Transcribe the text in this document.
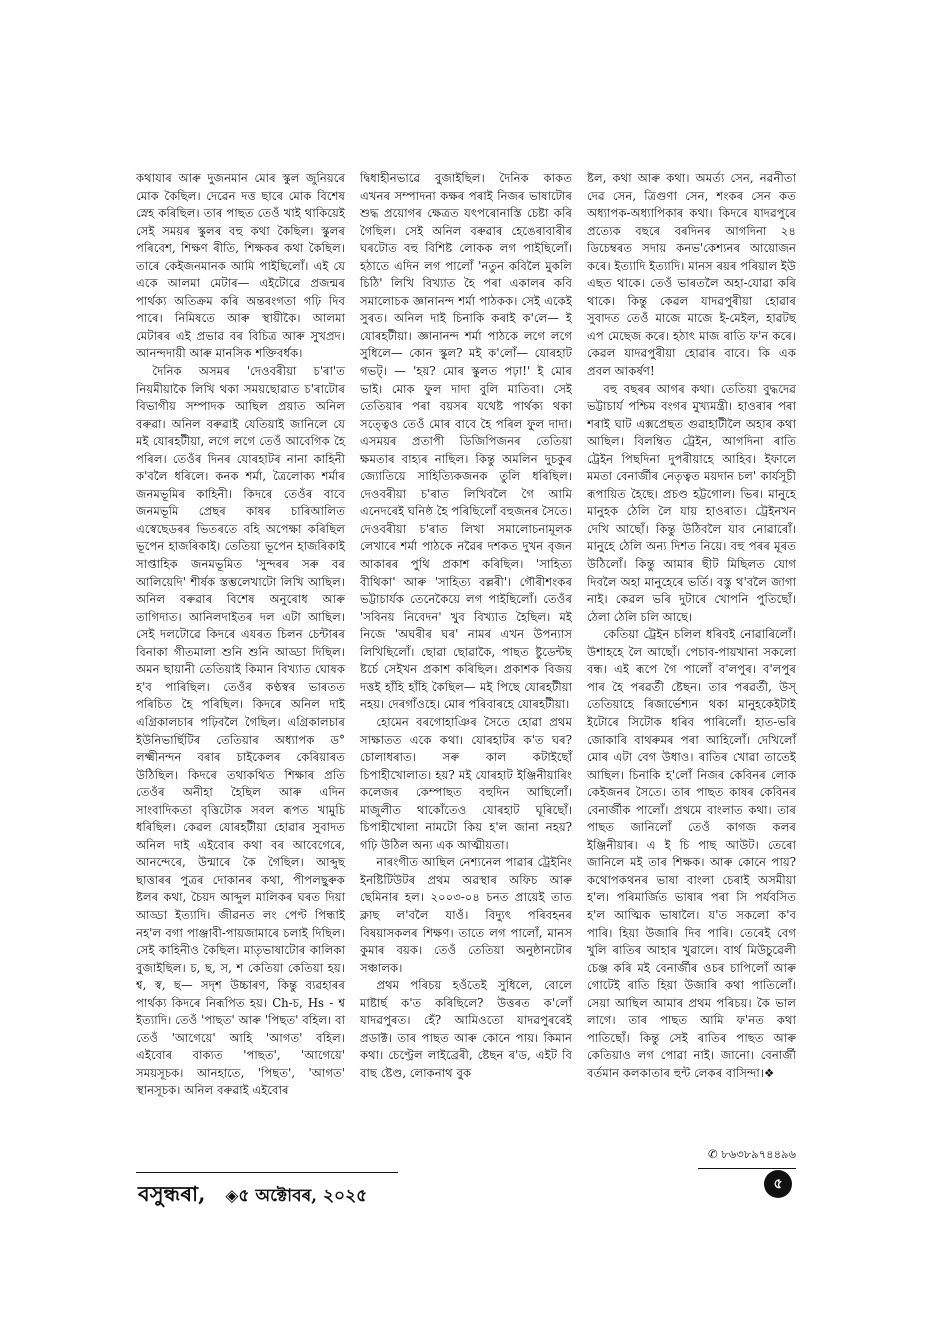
কথাযাৰ আৰু দুজনমান মোৰ স্কুল জুনিয়ৰে মোক কৈছিল। দেৱেন দত্ত ছাৰে মোক বিশেষ স্নেহ কৰিছিল। তাৰ পাছত তেওঁ খাই থাকিয়েই সেই সময়ৰ স্কুলৰ বহু কথা কৈছিল। স্কুলৰ পৰিবেশ, শিক্ষণ ৰীতি, শিক্ষকৰ কথা কৈছিল। তাৰে কেইজনমানক আমি পাইছিলোঁ। এই যে একে আলমা মেটাৰ— এইটোৱে প্ৰজন্মৰ পাৰ্থক্য অতিক্ৰম কৰি অন্তৰংগতা গঢ়ি দিব পাৰে। নিমিষতে আৰু স্থায়ীকৈ। আলমা মেটাৰৰ এই প্ৰভাৱ বৰ বিচিত্ৰ আৰু সুখপ্ৰদ। আনন্দদায়ী আৰু মানসিক শক্তিবৰ্ধক।

দৈনিক অসমৰ 'দেওবৰীয়া চ'ৰা'ত নিয়মীয়াকৈ লিখি থকা সময়ছোৱাত চ'ৰাটোৰ বিভাগীয় সম্পাদক আছিল প্ৰয়াত অনিল বৰুৱা। অনিল বৰুৱাই যেতিয়াই জানিলে যে মই যোৰহটীয়া, লগে লগে তেওঁ আবেগিক হৈ পৰিল। তেওঁৰ দিনৰ যোৰহাটৰ নানা কাহিনী ক'বলৈ ধৰিলে। কনক শৰ্মা, ত্ৰৈলোক্য শৰ্মাৰ জনমভূমিৰ কাহিনী। কিদৰে তেওঁৰ বাবে জনমভূমি প্ৰেছৰ কাষৰ চাৰিআলিত এস্বেছেডৰৰ ভিতৰতে বহি অপেক্ষা কৰিছিল ভূপেন হাজৰিকাই। তেতিয়া ভূপেন হাজৰিকাই সাপ্তাহিক জনমভূমিত 'সুন্দৰৰ সৰু বৰ আলিয়েদি' শীৰ্ষক স্তম্ভলেখাটো লিখি আছিল। অনিল বৰুৱাৰ বিশেষ অনুৰোধ আৰু তাগিদাত। আনিলদাইতৰ দল এটা আছিল। সেই দলটোৱে কিদৰে এযৰত চিলন চেন্টাৰৰ বিনাকা গীতমালা শুনি শুনি আড্ডা দিছিল। অমন ছায়ানী তেতিয়াই কিমান বিখ্যাত ঘোষক হ'ব পাৰিছিল। তেওঁৰ কণ্ঠস্বৰ ভাৰতত পৰিচিত হৈ পৰিছিল। কিদৰে অনিল দাই এগ্ৰিকালচাৰ পঢ়িবলৈ গৈছিল। এগ্ৰিকালচাৰ ইউনিভাৰ্ছিটিৰ তেতিয়াৰ অধ্যাপক ড° লক্ষ্মীনন্দন বৰাৰ চাইকেলৰ কেৰিয়াৰত উঠিছিল। কিদৰে তথাকথিত শিক্ষাৰ প্ৰতি তেওঁৰ অনীহা হৈছিল আৰু এদিন সাংবাদিকতা বৃত্তিটোক সবল ৰূপত খামুচি ধৰিছিল। কেৱল যোৰহটীয়া হোৱাৰ সুবাদত অনিল দাই এইবোৰ কথা বৰ আবেগেৰে, আনন্দেৰে, উন্মাৰে কৈ গৈছিল। আব্দুছ ছাত্তাৰৰ পুত্ৰৰ দোকানৰ কথা, পীপলছুৰুক ষ্টলৰ কথা, চৈয়দ আব্দুল মালিকৰ ঘৰত দিয়া আড্ডা ইত্যাদি। জীৱনত লং পেণ্ট পিন্ধাই নহ'ল বগা পাঞ্জাবী-পায়জামাৰে চলাই দিছিল। সেই কাহিনীও কৈছিল। মাতৃভাষাটোৰ কালিকা বুজাইছিল। চ, ছ, স, শ কেতিয়া কেতিয়া হয়। শ্ব, স্ব, ছ— সদৃশ উচ্চাৰণ, কিন্তু ব্যৱহাৰৰ পাৰ্থক্য কিদৰে নিৰূপিত হয়। Ch-চ, Hs - শ্ব ইত্যাদি। তেওঁ 'পাছত' আৰু 'পিছত' বহিল। বা তেওঁ 'আগেয়ে' আহি 'আগত' বহিল। এইবোৰ বাক্যত 'পাছত', 'আগেয়ে' সময়সূচক। আনহাতে, 'পিছত', 'আগত' স্থানসূচক। অনিল বৰুৱাই এইবোৰ

দ্বিধাহীনভাৱে বুজাইছিল। দৈনিক কাকত এখনৰ সম্পাদনা কক্ষৰ পৰাই নিজৰ ভাষাটোৰ শুদ্ধ প্ৰয়োগৰ ক্ষেত্ৰত যৎপৰোনাস্তি চেষ্টা কৰি গৈছিল। সেই অনিল বৰুৱাৰ হেঙেৰাবাৰীৰ ঘৰটোত বহু বিশিষ্ট লোকক লগ পাইছিলোঁ। হঠাতে এদিন লগ পালোঁ 'নতুন কবিলৈ মুকলি চিঠি' লিখি বিখ্যাত হৈ পৰা একালৰ কবি সমালোচক জ্ঞানানন্দ শৰ্মা পাঠকক। সেই একেই সুৰত। অনিল দাই চিনাকি কৰাই ক'লে— ই যোৰহটীয়া। জ্ঞানানন্দ শৰ্মা পাঠকে লগে লগে সুধিলে— কোন স্কুল? মই ক'লোঁ— যোৰহাট গভট্। — 'হয়? মোৰ স্কুলত পঢ়া!' ই মোৰ ভাই। মোক ফুল দাদা বুলি মাতিবা। সেই তেতিয়াৰ পৰা বয়সৰ যথেষ্ট পাৰ্থক্য থকা সত্ত্বেও তেওঁ মোৰ বাবে হৈ পৰিল ফুল দাদা। এসময়ৰ প্ৰতাপী ডিজিপিজনৰ তেতিয়া ক্ষমতাৰ বাহ্যৰ নাছিল। কিন্তু অমলিন দুচকুৰ জ্যোতিয়ে সাহিত্যিকজনক তুলি ধৰিছিল। দেওবৰীয়া চ'ৰাত লিখিবলৈ গৈ আমি এনেদৰেই ঘনিষ্ঠ হৈ পৰিছিলোঁ বহুজনৰ সৈতে। দেওবৰীয়া চ'ৰাত লিখা সমালোচনামূলক লেখাৰে শৰ্মা পাঠকে নৱৈৰ দশকত দুখন বৃজন আকাৰৰ পুথি প্ৰকাশ কৰিছিল। 'সাহিত্য বীথিকা' আৰু 'সাহিত্য বল্লৰী'। গৌৰীশংকৰ ভট্টাচাৰ্যক তেনেকৈয়ে লগ পাইছিলোঁ। তেওঁৰ 'সবিনয় নিবেদন' খুব বিখ্যাত হৈছিল। মই নিজে 'অঘৰীৰ ঘৰ' নামৰ এখন উপন্যাস লিখিছিলোঁ। ছোৱা ছোৱাকৈ, পাছত ষ্টুডেন্টছ ষ্টৰ্চে সেইখন প্ৰকাশ কৰিছিল। প্ৰকাশক বিজয় দত্তই হাঁহি হাঁহি কৈছিল— মই পিছে যোৰহটীয়া নহয়। দেৰগাঁওহে। মোৰ পৰিবাৰহে যোৰহটীয়া।

হোমেন বৰগোহাঞিৰ সৈতে হোৱা প্ৰথম সাক্ষাতত একে কথা। যোৰহাটৰ ক'ত ঘৰ? চোলাধৰাত। সৰু কাল কটাইছোঁ চিপাহীখোলাত। হয়? মই যোৰহাট ইঞ্জিনীয়াৰিং কলেজৰ কেম্পাছত বহুদিন আছিলোঁ। মাজুলীত থাকোঁতেও যোৰহাট ঘূৰিছোঁ। চিপাহীখোলা নামটো কিয় হ'ল জানা নহয়? গঢ়ি উঠিল অন্য এক আত্মীয়তা।

নাৰংগীত আছিল নেশ্যনেল পাৱাৰ ট্ৰেইনিং ইনষ্টিটিউটৰ প্ৰথম অৱস্থাৰ অফিচ আৰু ছেমিনাৰ হল। ২০০৩-০৪ চনত প্ৰায়েই তাত ক্লাছ ল'বলৈ যাওঁ। বিদ্যুৎ পৰিবহনৰ বিষয়াসকলৰ শিক্ষণ। তাতে লগ পালোঁ, মানস কুমাৰ বয়ক। তেওঁ তেতিয়া অনুষ্ঠানটোৰ সঞ্চালক।

প্ৰথম পৰিচয় হওঁতেই সুধিলে, বোলে মাষ্টাৰ্ছ ক'ত কৰিছিলে? উত্তৰত ক'লোঁ যাদৱপুৰত। হেঁ? আমিওতো যাদৱপুৰৰেই প্ৰডাক্ট। তাৰ পাছত আৰু কোনে পায়। কিমান কথা। চেণ্ট্ৰেল লাইব্ৰেৰী, ষ্টেছন ৰ'ড, এইট বি বাছ ষ্টেণ্ড, লোকনাথ বুক

ষ্টল, কথা আৰু কথা। অমৰ্ত্য সেন, নৱনীতা দেৱ সেন, ত্ৰিগুণা সেন, শংকৰ সেন কত অধ্যাপক-অধ্যাপিকাৰ কথা। কিদৰে যাদৱপুৰে প্ৰত্যেক বছৰে বৰদিনৰ আগদিনা ২৪ ডিচেম্বৰত সদায় কনভ'কেশ্যনৰ আয়োজন কৰে। ইত্যাদি ইত্যাদি। মানস ৰয়ৰ পৰিয়াল ইউ এছত থাকে। তেওঁ ভাৰতলৈ অহা-যোৱা কৰি থাকে। কিন্তু কেৱল যাদৱপুৰীয়া হোৱাৰ সুবাদত তেওঁ মাজে মাজে ই-মেইল, হাৱটছ এপ মেছেজ কৰে। হঠাৎ মাজ ৰাতি ফ'ন কৰে। কেৱল যাদৱপুৰীয়া হোৱাৰ বাবে। কি এক প্ৰবল আকৰ্ষণ!

বহু বছৰৰ আগৰ কথা। তেতিয়া বুদ্ধদেৱ ভট্টাচাৰ্য পশ্চিম বংগৰ মুখ্যমন্ত্ৰী। হাওৰাৰ পৰা শৰাই ঘাট এক্সপ্ৰেছত গুৱাহাটীলৈ অহাৰ কথা আছিল। বিলম্বিত ট্ৰেইন, আগদিনা ৰাতি ট্ৰেইন পিছদিনা দুপৰীয়াহে আহিব। ইফালে মমতা বেনাৰ্জীৰ নেতৃত্বত ময়দান চল' কাৰ্যসূচী ৰূপায়িত হৈছে। প্ৰচণ্ড হট্টগোল। ভিৰ। মানুহে মানুহক ঠেলি লৈ যায় হাওৰাত। ট্ৰেইনখন দেখি আছোঁ। কিন্তু উঠিবলৈ যাব নোৱাৰোঁ। মানুহে ঠেলি অন্য দিশত নিয়ে। বহু পৰৰ মূৰত উঠিলোঁ। কিন্তু আমাৰ ছীট মিছিলত যোগ দিবলৈ অহা মানুহেৰে ভৰ্তি। বস্তু থ'বলৈ জাগা নাই। কেৱল ভৰি দুটাৰে খোপনি পুতিছোঁ। ঠেলা ঠেলি চলি আছে।

কেতিয়া ট্ৰেইন চলিল ধৰিবই নোৱাৰিলোঁ। উশাহহে লৈ আছোঁ। পেচাব-পায়খানা সকলো বন্ধ। এই ৰূপে গৈ পালোঁ ব'লপুৰ। ব'লপুৰ পাৰ হৈ পৰৱৰ্তী ষ্টেছন। তাৰ পৰৱৰ্তী, উস্ তেতিয়াহে ৰিজাৰ্ভেশ্যন থকা মানুহকেইটাই ইটোৰে সিটোক ধৰিব পাৰিলোঁ। হাত-ভৰি জোকাৰি বাথৰুমৰ পৰা আহিলোঁ। দেখিলোঁ মোৰ এটা বেগ উধাও। ৰাতিৰ খোৱা তাতেই আছিল। চিনাকি হ'লোঁ নিজৰ কেবিনৰ লোক কেইজনৰ সৈতে। তাৰ পাছত কাষৰ কেবিনৰ বেনাৰ্জীক পালোঁ। প্ৰথমে বাংলাত কথা। তাৰ পাছত জানিলোঁ তেওঁ কাগজ কলৰ ইঞ্জিনীয়াৰ। এ ই চি পাছ আউট। তেৰো জানিলে মই তাৰ শিক্ষক। আৰু কোনে পায়? কথোপকথনৰ ভাষা বাংলা চেৰাই অসমীয়া হ'ল। পৰিমাৰ্জিত ভাষাৰ পৰা সি পৰ্যবসিত হ'ল আত্মিক ভাষালৈ। য'ত সকলো ক'ব পাৰি। হিয়া উজাৰি দিব পাৰি। তেৰেই বেগ খুলি ৰাতিৰ আহাৰ খুৱালে। বাৰ্থ মিউচুৱেলী চেঞ্জ কৰি মই বেনাৰ্জীৰ ওচৰ চাপিলোঁ আৰু গোটেই ৰাতি হিয়া উজাৰি কথা পাতিলোঁ। সেয়া আছিল আমাৰ প্ৰথম পৰিচয়। কৈ ভাল লাগে। তাৰ পাছত আমি ফ'নত কথা পাতিছোঁ। কিন্তু সেই ৰাতিৰ পাছত আৰু কেতিয়াও লগ পোৱা নাই। জানো। বেনাৰ্জী বৰ্তমান কলকাতাৰ হুন্ট লেকৰ বাসিন্দা।❖

✆ ৮৬৩৮৯৭৪৪৯৬
বসুন্ধৰা, ◈৫ অক্টোবৰ, ২০২৫
৫
